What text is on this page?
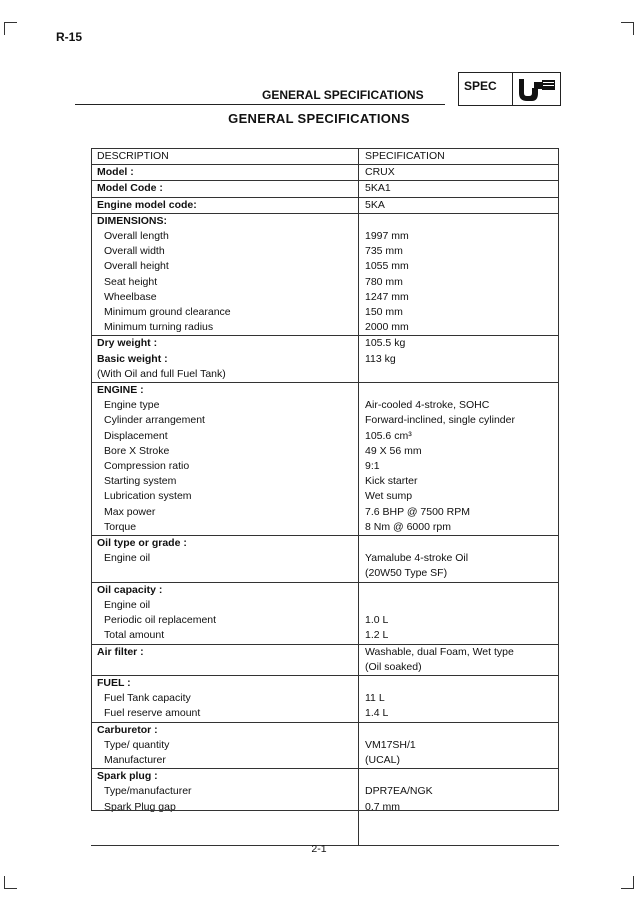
R-15
GENERAL SPECIFICATIONS
SPEC
GENERAL SPECIFICATIONS
DESCRIPTION	SPECIFICATION
Model :	CRUX
Model Code :	5KA1
Engine model code:	5KA
DIMENSIONS:	
Overall length	1997 mm
Overall width	735 mm
Overall height	1055 mm
Seat height	780 mm
Wheelbase	1247 mm
Minimum ground clearance	150 mm
Minimum turning radius	2000 mm
Dry weight :	105.5 kg
Basic weight :	113 kg
(With Oil and full Fuel Tank)	
ENGINE :	
Engine type	Air-cooled 4-stroke, SOHC
Cylinder arrangement	Forward-inclined, single cylinder
Displacement	105.6 cm³
Bore X Stroke	49 X 56 mm
Compression ratio	9:1
Starting system	Kick starter
Lubrication system	Wet sump
Max power	7.6 BHP @ 7500 RPM
Torque	8 Nm @ 6000 rpm
Oil type or grade :	
Engine oil	Yamalube 4-stroke Oil
	(20W50 Type SF)
Oil capacity :	
Engine oil	
Periodic oil replacement	1.0 L
Total amount	1.2 L
Air filter :	Washable, dual Foam, Wet type
	(Oil soaked)
FUEL :	
Fuel Tank capacity	11 L
Fuel reserve amount	1.4 L
Carburetor :	
Type/ quantity	VM17SH/1
Manufacturer	(UCAL)
Spark plug :	
Type/manufacturer	DPR7EA/NGK
Spark Plug gap	0.7 mm

2-1
